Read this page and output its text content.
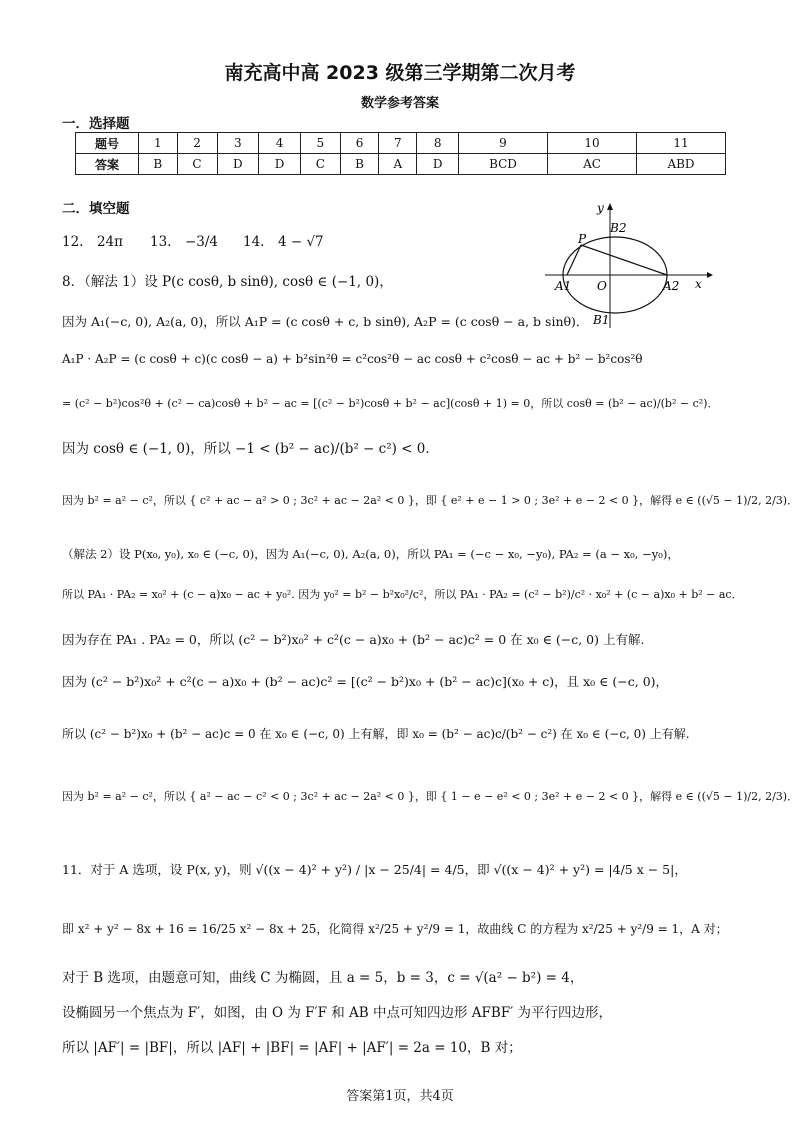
南充高中高 2023 级第三学期第二次月考
数学参考答案
一．选择题
题号	1	2	3	4	5	6	7	8	9	10	11
答案	B	C	D	D	C	B	A	D	BCD	AC	ABD
二．填空题
12.　24π 13.　−3/4 14.　4 − √7
y
B2
P
A1 O	A2 x
B1
8．（解法 1）设 P(c cosθ, b sinθ), cosθ ∈ (−1, 0)，
因为 A₁(−c, 0), A₂(a, 0)，所以 A₁P = (c cosθ + c, b sinθ), A₂P = (c cosθ − a, b sinθ)．
A₁P · A₂P = (c cosθ + c)(c cosθ − a) + b²sin²θ = c²cos²θ − ac cosθ + c²cosθ − ac + b² − b²cos²θ
= (c² − b²)cos²θ + (c² − ca)cosθ + b² − ac = [(c² − b²)cosθ + b² − ac](cosθ + 1) = 0，所以 cosθ = (b² − ac)/(b² − c²)．
因为 cosθ ∈ (−1, 0)，所以 −1 < (b² − ac)/(b² − c²) < 0．
因为 b² = a² − c²，所以 { c² + ac − a² > 0 ; 3c² + ac − 2a² < 0 }，即 { e² + e − 1 > 0 ; 3e² + e − 2 < 0 }，解得 e ∈ ((√5 − 1)/2, 2/3)．
（解法 2）设 P(x₀, y₀), x₀ ∈ (−c, 0)，因为 A₁(−c, 0), A₂(a, 0)，所以 PA₁ = (−c − x₀, −y₀), PA₂ = (a − x₀, −y₀)，
所以 PA₁ · PA₂ = x₀² + (c − a)x₀ − ac + y₀². 因为 y₀² = b² − b²x₀²/c²，所以 PA₁ · PA₂ = (c² − b²)/c² · x₀² + (c − a)x₀ + b² − ac．
因为存在 PA₁ . PA₂ = 0，所以 (c² − b²)x₀² + c²(c − a)x₀ + (b² − ac)c² = 0 在 x₀ ∈ (−c, 0) 上有解.
因为 (c² − b²)x₀² + c²(c − a)x₀ + (b² − ac)c² = [(c² − b²)x₀ + (b² − ac)c](x₀ + c)，且 x₀ ∈ (−c, 0)，
所以 (c² − b²)x₀ + (b² − ac)c = 0 在 x₀ ∈ (−c, 0) 上有解，即 x₀ = (b² − ac)c/(b² − c²) 在 x₀ ∈ (−c, 0) 上有解.
因为 b² = a² − c²，所以 { a² − ac − c² < 0 ; 3c² + ac − 2a² < 0 }，即 { 1 − e − e² < 0 ; 3e² + e − 2 < 0 }，解得 e ∈ ((√5 − 1)/2, 2/3)．
11．对于 A 选项，设 P(x, y)，则 √((x − 4)² + y²) / |x − 25/4| = 4/5，即 √((x − 4)² + y²) = |4/5 x − 5|，
即 x² + y² − 8x + 16 = 16/25 x² − 8x + 25，化简得 x²/25 + y²/9 = 1，故曲线 C 的方程为 x²/25 + y²/9 = 1，A 对；
对于 B 选项，由题意可知，曲线 C 为椭圆，且 a = 5，b = 3，c = √(a² − b²) = 4，
设椭圆另一个焦点为 F′，如图，由 O 为 F′F 和 AB 中点可知四边形 AFBF′ 为平行四边形，
所以 |AF′| = |BF|，所以 |AF| + |BF| = |AF| + |AF′| = 2a = 10，B 对；
答案第1页，共4页
